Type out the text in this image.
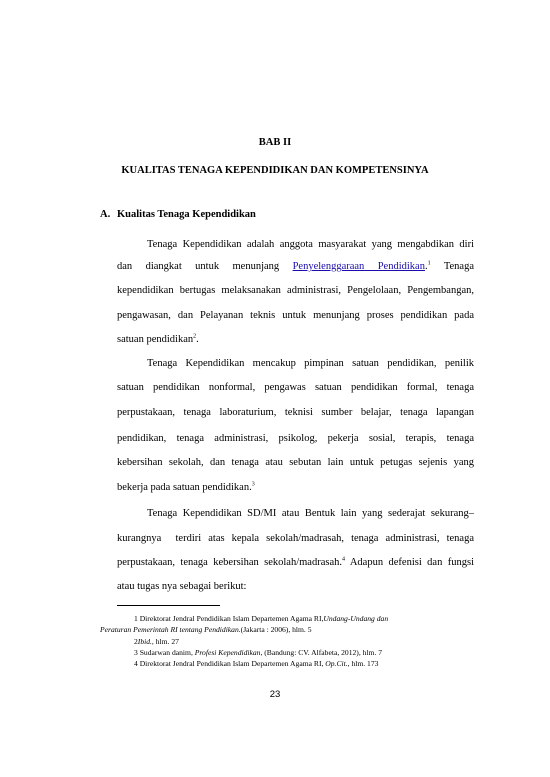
BAB II
KUALITAS TENAGA KEPENDIDIKAN DAN KOMPETENSINYA
A. Kualitas Tenaga Kependidikan
Tenaga Kependidikan adalah anggota masyarakat yang mengabdikan diri
dan diangkat untuk menunjang Penyelenggaraan Pendidikan.$^1$ Tenaga
kependidikan bertugas melaksanakan administrasi, Pengelolaan, Pengembangan,
pengawasan, dan Pelayanan teknis untuk menunjang proses pendidikan pada
satuan pendidikan$^2$.
Tenaga Kependidikan mencakup pimpinan satuan pendidikan, penilik
satuan pendidikan nonformal, pengawas satuan pendidikan formal, tenaga
perpustakaan, tenaga laboraturium, teknisi sumber belajar, tenaga lapangan
pendidikan, tenaga administrasi, psikolog, pekerja sosial, terapis, tenaga
kebersihan sekolah, dan tenaga atau sebutan lain untuk petugas sejenis yang
bekerja pada satuan pendidikan.$^3$
Tenaga Kependidikan SD/MI atau Bentuk lain yang sederajat sekurang–
kurangnya  terdiri atas kepala sekolah/madrasah, tenaga administrasi, tenaga
perpustakaan, tenaga kebersihan sekolah/madrasah.$^4$ Adapun defenisi dan fungsi
atau tugas nya sebagai berikut:
1 Direktorat Jendral Pendidikan Islam Departemen Agama RI,Undang-Undang dan
Peraturan Pemerintah RI tentang Pendidikan.(Jakarta : 2006), hlm. 5
2Ibid., hlm. 27
3 Sudarwan danim, Profesi Kependidikan, (Bandung: CV. Alfabeta, 2012), hlm. 7
4 Direktorat Jendral Pendidikan Islam Departemen Agama RI, Op.Cit., hlm. 173
23
